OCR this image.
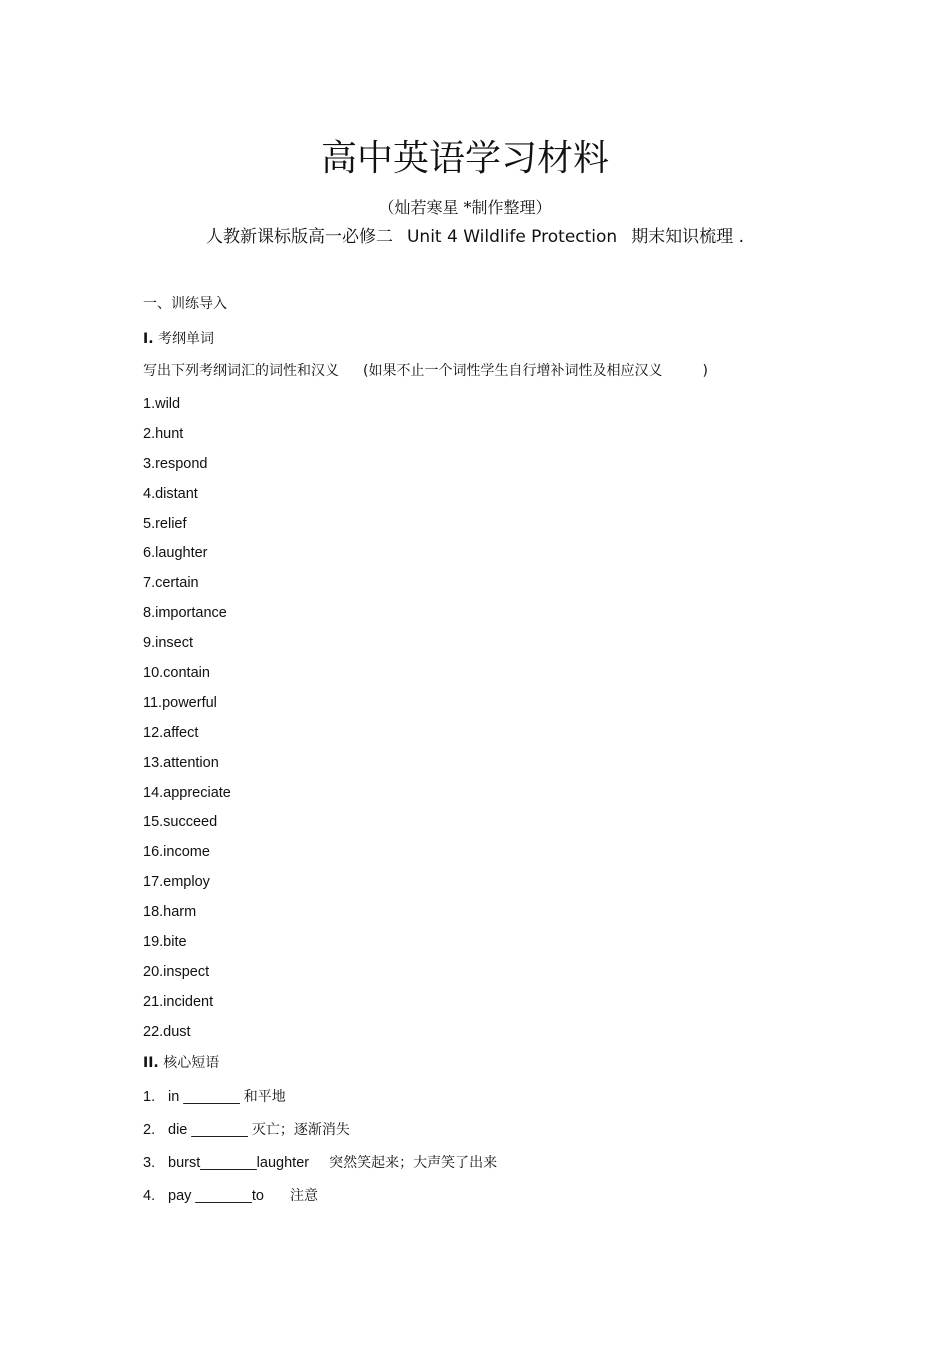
高中英语学习材料
（灿若寒星 *制作整理）
人教新课标版高一必修二 Unit 4 Wildlife Protection 期末知识梳理 .
一、训练导入
I. 考纲单词
写出下列考纲词汇的词性和汉义 (如果不止一个词性学生自行增补词性及相应汉义	)
1.wild
2.hunt
3.respond
4.distant
5.relief
6.laughter
7.certain
8.importance
9.insect
10.contain
11.powerful
12.affect
13.attention
14.appreciate
15.succeed
16.income
17.employ
18.harm
19.bite
20.inspect
21.incident
22.dust
II. 核心短语
1. in _______ 和平地
2. die _______ 灭亡；逐渐消失
3. burst_______laughter 突然笑起来；大声笑了出来
4. pay _______to 注意
